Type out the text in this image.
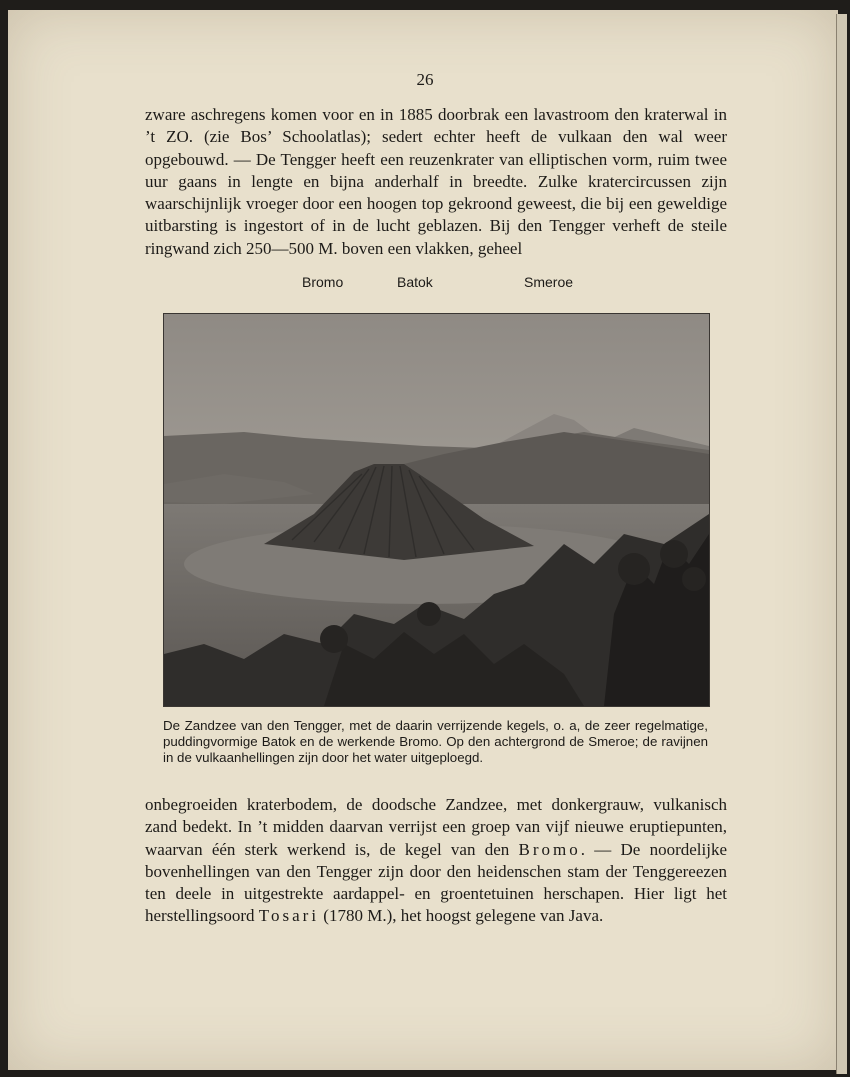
26

zware aschregens komen voor en in 1885 doorbrak een lavastroom den kraterwal in ’t ZO. (zie Bos’ Schoolatlas); sedert echter heeft de vulkaan den wal weer opgebouwd. — De Tengger heeft een reuzenkrater van elliptischen vorm, ruim twee uur gaans in lengte en bijna anderhalf in breedte. Zulke kratercircussen zijn waarschijnlijk vroeger door een hoogen top gekroond geweest, die bij een geweldige uitbarsting is ingestort of in de lucht geblazen. Bij den Tengger verheft de steile ringwand zich 250—500 M. boven een vlakken, geheel

Bromo	Batok	Smeroe
De Zandzee van den Tengger, met de daarin verrijzende kegels, o. a, de zeer regelmatige, puddingvormige Batok en de werkende Bromo. Op den achtergrond de Smeroe; de ravijnen in de vulkaanhellingen zijn door het water uitgeploegd.

onbegroeiden kraterbodem, de doodsche Zandzee, met donkergrauw, vulkanisch zand bedekt. In ’t midden daarvan verrijst een groep van vijf nieuwe eruptiepunten, waarvan één sterk werkend is, de kegel van den Bromo. — De noordelijke bovenhellingen van den Tengger zijn door den heidenschen stam der Tenggereezen ten deele in uitgestrekte aardappel- en groentetuinen herschapen. Hier ligt het herstellingsoord Tosari (1780 M.), het hoogst gelegene van Java.
